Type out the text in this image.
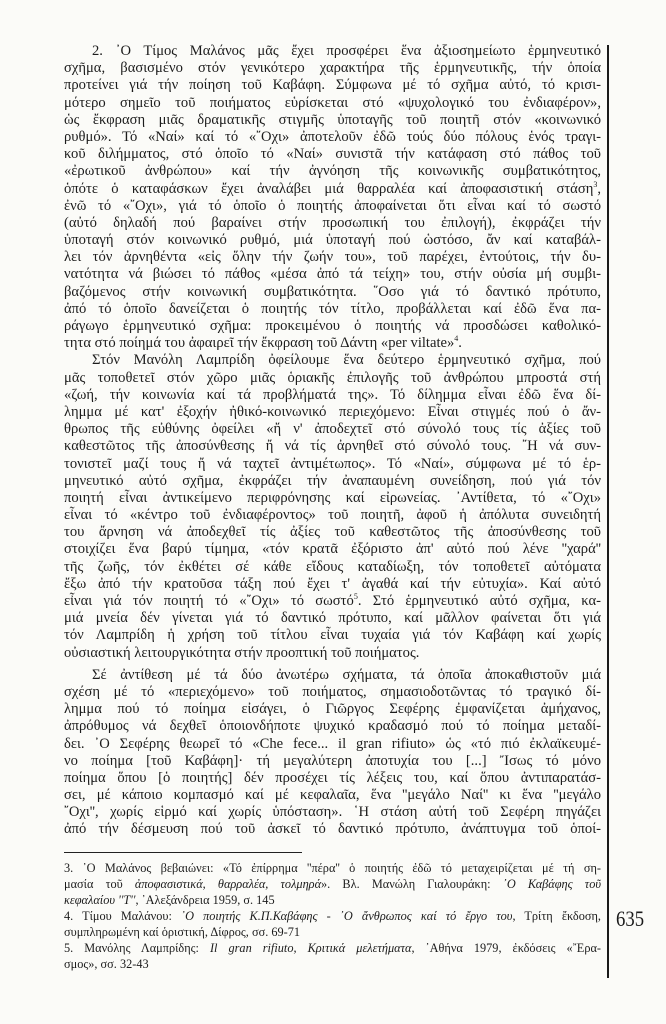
2. ᾿Ο Τίμος Μαλάνος μᾶς ἔχει προσφέρει ἕνα ἀξιοσημείωτο ἑρμηνευτικό
σχῆμα, βασισμένο στόν γενικότερο χαρακτήρα τῆς ἑρμηνευτικῆς, τήν ὁποία
προτείνει γιά τήν ποίηση τοῦ Καβάφη. Σύμφωνα μέ τό σχῆμα αὐτό, τό κρισι-
μότερο σημεῖο τοῦ ποιήματος εὑρίσκεται στό «ψυχολογικό του ἐνδιαφέρον»,
ὡς ἔκφραση μιᾶς δραματικῆς στιγμῆς ὑποταγῆς τοῦ ποιητῆ στόν «κοινωνικό
ρυθμό». Τό «Ναί» καί τό «῎Οχι» ἀποτελοῦν ἐδῶ τούς δύο πόλους ἑνός τραγι-
κοῦ διλήμματος, στό ὁποῖο τό «Ναί» συνιστᾶ τήν κατάφαση στό πάθος τοῦ
«ἐρωτικοῦ ἀνθρώπου» καί τήν ἀγνόηση τῆς κοινωνικῆς συμβατικότητος,
ὁπότε ὁ καταφάσκων ἔχει ἀναλάβει μιά θαρραλέα καί ἀποφασιστική στάση$^3$,
ἐνῶ τό «῎Οχι», γιά τό ὁποῖο ὁ ποιητής ἀποφαίνεται ὅτι εἶναι καί τό σωστό
(αὐτό δηλαδή πού βαραίνει στήν προσωπική του ἐπιλογή), ἐκφράζει τήν
ὑποταγή στόν κοινωνικό ρυθμό, μιά ὑποταγή πού ὡστόσο, ἄν καί καταβάλ-
λει τόν ἀρνηθέντα «εἰς ὅλην τήν ζωήν του», τοῦ παρέχει, ἐντούτοις, τήν δυ-
νατότητα νά βιώσει τό πάθος «μέσα ἀπό τά τείχη» του, στήν οὐσία μή συμβι-
βαζόμενος στήν κοινωνική συμβατικότητα. ῞Οσο γιά τό δαντικό πρότυπο,
ἀπό τό ὁποῖο δανείζεται ὁ ποιητής τόν τίτλο, προβάλλεται καί ἐδῶ ἕνα πα-
ράγωγο ἑρμηνευτικό σχῆμα: προκειμένου ὁ ποιητής νά προσδώσει καθολικό-
τητα στό ποίημά του ἀφαιρεῖ τήν ἔκφραση τοῦ Δάντη «per viltate»$^4$.
Στόν Μανόλη Λαμπρίδη ὀφείλουμε ἕνα δεύτερο ἑρμηνευτικό σχῆμα, πού
μᾶς τοποθετεῖ στόν χῶρο μιᾶς ὁριακῆς ἐπιλογῆς τοῦ ἀνθρώπου μπροστά στή
«ζωή, τήν κοινωνία καί τά προβλήματά της». Τό δίλημμα εἶναι ἐδῶ ἕνα δί-
λημμα μέ κατ' ἐξοχήν ἠθικό-κοινωνικό περιεχόμενο: Εἶναι στιγμές πού ὁ ἄν-
θρωπος τῆς εὐθύνης ὀφείλει «ἤ ν' ἀποδεχτεῖ στό σύνολό τους τίς ἀξίες τοῦ
καθεστῶτος τῆς ἀποσύνθεσης ἤ νά τίς ἀρνηθεῖ στό σύνολό τους. ῎Η νά συν-
τονιστεῖ μαζί τους ἤ νά ταχτεῖ ἀντιμέτωπος». Τό «Ναί», σύμφωνα μέ τό ἑρ-
μηνευτικό αὐτό σχῆμα, ἐκφράζει τήν ἀναπαυμένη συνείδηση, πού γιά τόν
ποιητή εἶναι ἀντικείμενο περιφρόνησης καί εἰρωνείας. ᾿Αντίθετα, τό «῎Οχι»
εἶναι τό «κέντρο τοῦ ἐνδιαφέροντος» τοῦ ποιητῆ, ἀφοῦ ἡ ἀπόλυτα συνειδητή
του ἄρνηση νά ἀποδεχθεῖ τίς ἀξίες τοῦ καθεστῶτος τῆς ἀποσύνθεσης τοῦ
στοιχίζει ἕνα βαρύ τίμημα, «τόν κρατᾶ ἐξόριστο ἀπ' αὐτό πού λένε ''χαρά''
τῆς ζωῆς, τόν ἐκθέτει σέ κάθε εἴδους καταδίωξη, τόν τοποθετεῖ αὐτόματα
ἔξω ἀπό τήν κρατοῦσα τάξη πού ἔχει τ' ἀγαθά καί τήν εὐτυχία». Καί αὐτό
εἶναι γιά τόν ποιητή τό «῎Οχι» τό σωστό$^5$. Στό ἑρμηνευτικό αὐτό σχῆμα, κα-
μιά μνεία δέν γίνεται γιά τό δαντικό πρότυπο, καί μᾶλλον φαίνεται ὅτι γιά
τόν Λαμπρίδη ἡ χρήση τοῦ τίτλου εἶναι τυχαία γιά τόν Καβάφη καί χωρίς
οὐσιαστική λειτουργικότητα στήν προοπτική τοῦ ποιήματος.
Σέ ἀντίθεση μέ τά δύο ἀνωτέρω σχήματα, τά ὁποῖα ἀποκαθιστοῦν μιά
σχέση μέ τό «περιεχόμενο» τοῦ ποιήματος, σημασιοδοτῶντας τό τραγικό δί-
λημμα πού τό ποίημα εἰσάγει, ὁ Γιῶργος Σεφέρης ἐμφανίζεται ἀμήχανος,
ἀπρόθυμος νά δεχθεῖ ὁποιονδήποτε ψυχικό κραδασμό πού τό ποίημα μεταδί-
δει. ᾿Ο Σεφέρης θεωρεῖ τό «Che fece... il gran rifiuto» ὡς «τό πιό ἐκλαϊκευμέ-
νο ποίημα [τοῦ Καβάφη]· τή μεγαλύτερη ἀποτυχία του [...] Ἴσως τό μόνο
ποίημα ὅπου [ὁ ποιητής] δέν προσέχει τίς λέξεις του, καί ὅπου ἀντιπαρατάσ-
σει, μέ κάποιο κομπασμό καί μέ κεφαλαῖα, ἕνα ''μεγάλο Ναί'' κι ἕνα ''μεγάλο
῎Οχι'', χωρίς εἱρμό καί χωρίς ὑπόσταση». ῾Η στάση αὐτή τοῦ Σεφέρη πηγάζει
ἀπό τήν δέσμευση πού τοῦ ἀσκεῖ τό δαντικό πρότυπο, ἀνάπτυγμα τοῦ ὁποί-
3. ᾿Ο Μαλάνος βεβαιώνει: «Τό ἐπίρρημα ''πέρα'' ὁ ποιητής ἐδῶ τό μεταχειρίζεται μέ τή ση-
μασία τοῦ ἀποφασιστικά, θαρραλέα, τολμηρά». Βλ. Μανώλη Γιαλουράκη: ᾿Ο Καβάφης τοῦ
κεφαλαίου ''Τ'', ᾿Αλεξάνδρεια 1959, σ. 145
4. Τίμου Μαλάνου: ᾿Ο ποιητής Κ.Π.Καβάφης - ᾿Ο ἄνθρωπος καί τό ἔργο του, Τρίτη ἔκδοση,
συμπληρωμένη καί ὁριστική, Δίφρος, σσ. 69-71
5. Μανόλης Λαμπρίδης: Il gran rifiuto, Κριτικά μελετήματα, ᾿Αθήνα 1979, ἐκδόσεις «῎Ερα-
σμος», σσ. 32-43
635
